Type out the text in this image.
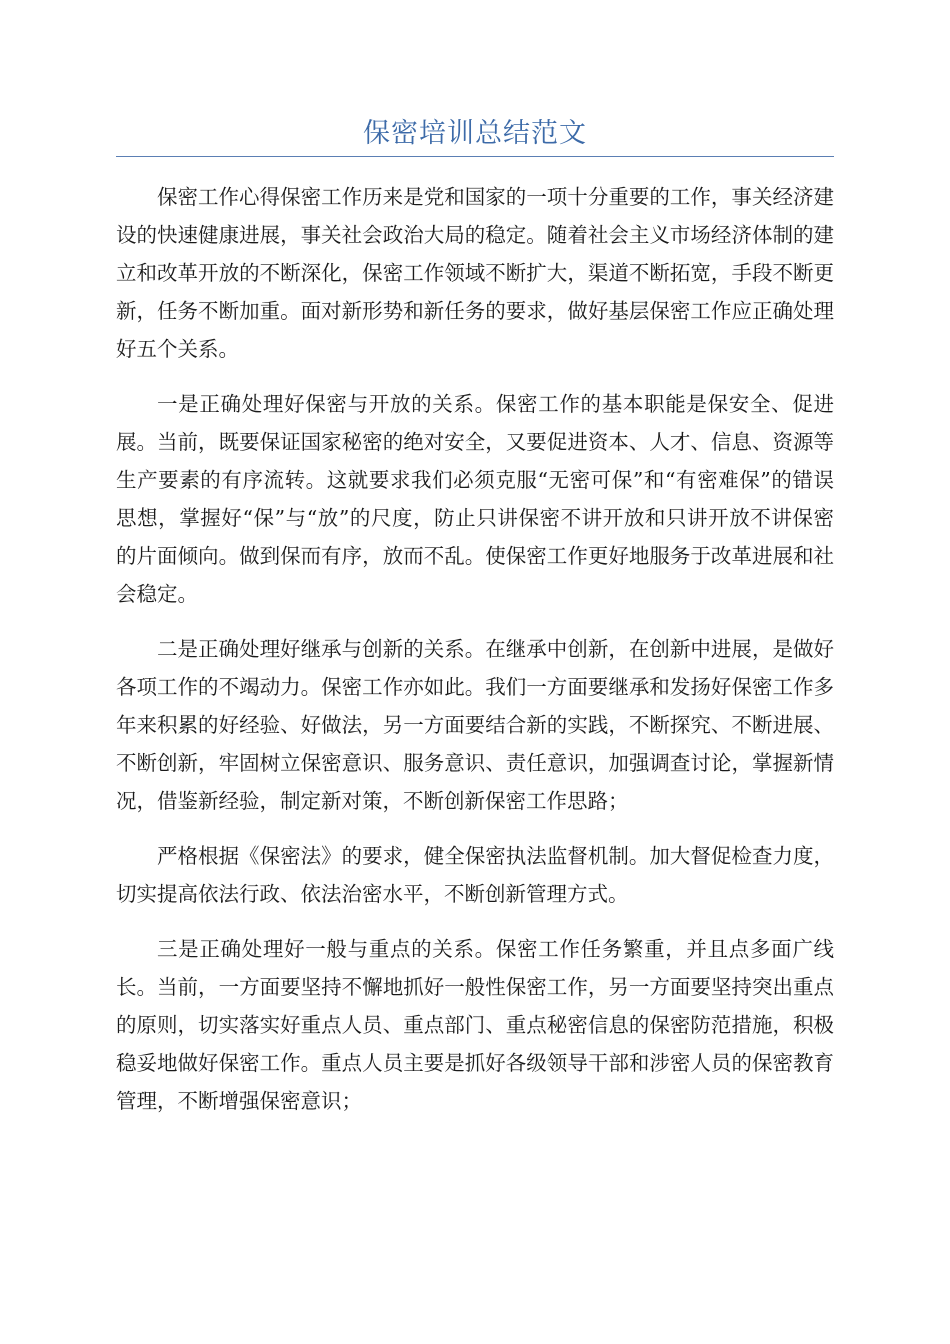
保密培训总结范文

保密工作心得保密工作历来是党和国家的一项十分重要的工作，事关经济建设的快速健康进展，事关社会政治大局的稳定。随着社会主义市场经济体制的建立和改革开放的不断深化，保密工作领域不断扩大，渠道不断拓宽，手段不断更新，任务不断加重。面对新形势和新任务的要求，做好基层保密工作应正确处理好五个关系。

一是正确处理好保密与开放的关系。保密工作的基本职能是保安全、促进展。当前，既要保证国家秘密的绝对安全，又要促进资本、人才、信息、资源等生产要素的有序流转。这就要求我们必须克服“无密可保”和“有密难保”的错误思想，掌握好“保”与“放”的尺度，防止只讲保密不讲开放和只讲开放不讲保密的片面倾向。做到保而有序，放而不乱。使保密工作更好地服务于改革进展和社会稳定。

二是正确处理好继承与创新的关系。在继承中创新，在创新中进展，是做好各项工作的不竭动力。保密工作亦如此。我们一方面要继承和发扬好保密工作多年来积累的好经验、好做法，另一方面要结合新的实践，不断探究、不断进展、不断创新，牢固树立保密意识、服务意识、责任意识，加强调查讨论，掌握新情况，借鉴新经验，制定新对策，不断创新保密工作思路；

严格根据《保密法》的要求，健全保密执法监督机制。加大督促检查力度，切实提高依法行政、依法治密水平，不断创新管理方式。

三是正确处理好一般与重点的关系。保密工作任务繁重，并且点多面广线长。当前，一方面要坚持不懈地抓好一般性保密工作，另一方面要坚持突出重点的原则，切实落实好重点人员、重点部门、重点秘密信息的保密防范措施，积极稳妥地做好保密工作。重点人员主要是抓好各级领导干部和涉密人员的保密教育管理，不断增强保密意识；
